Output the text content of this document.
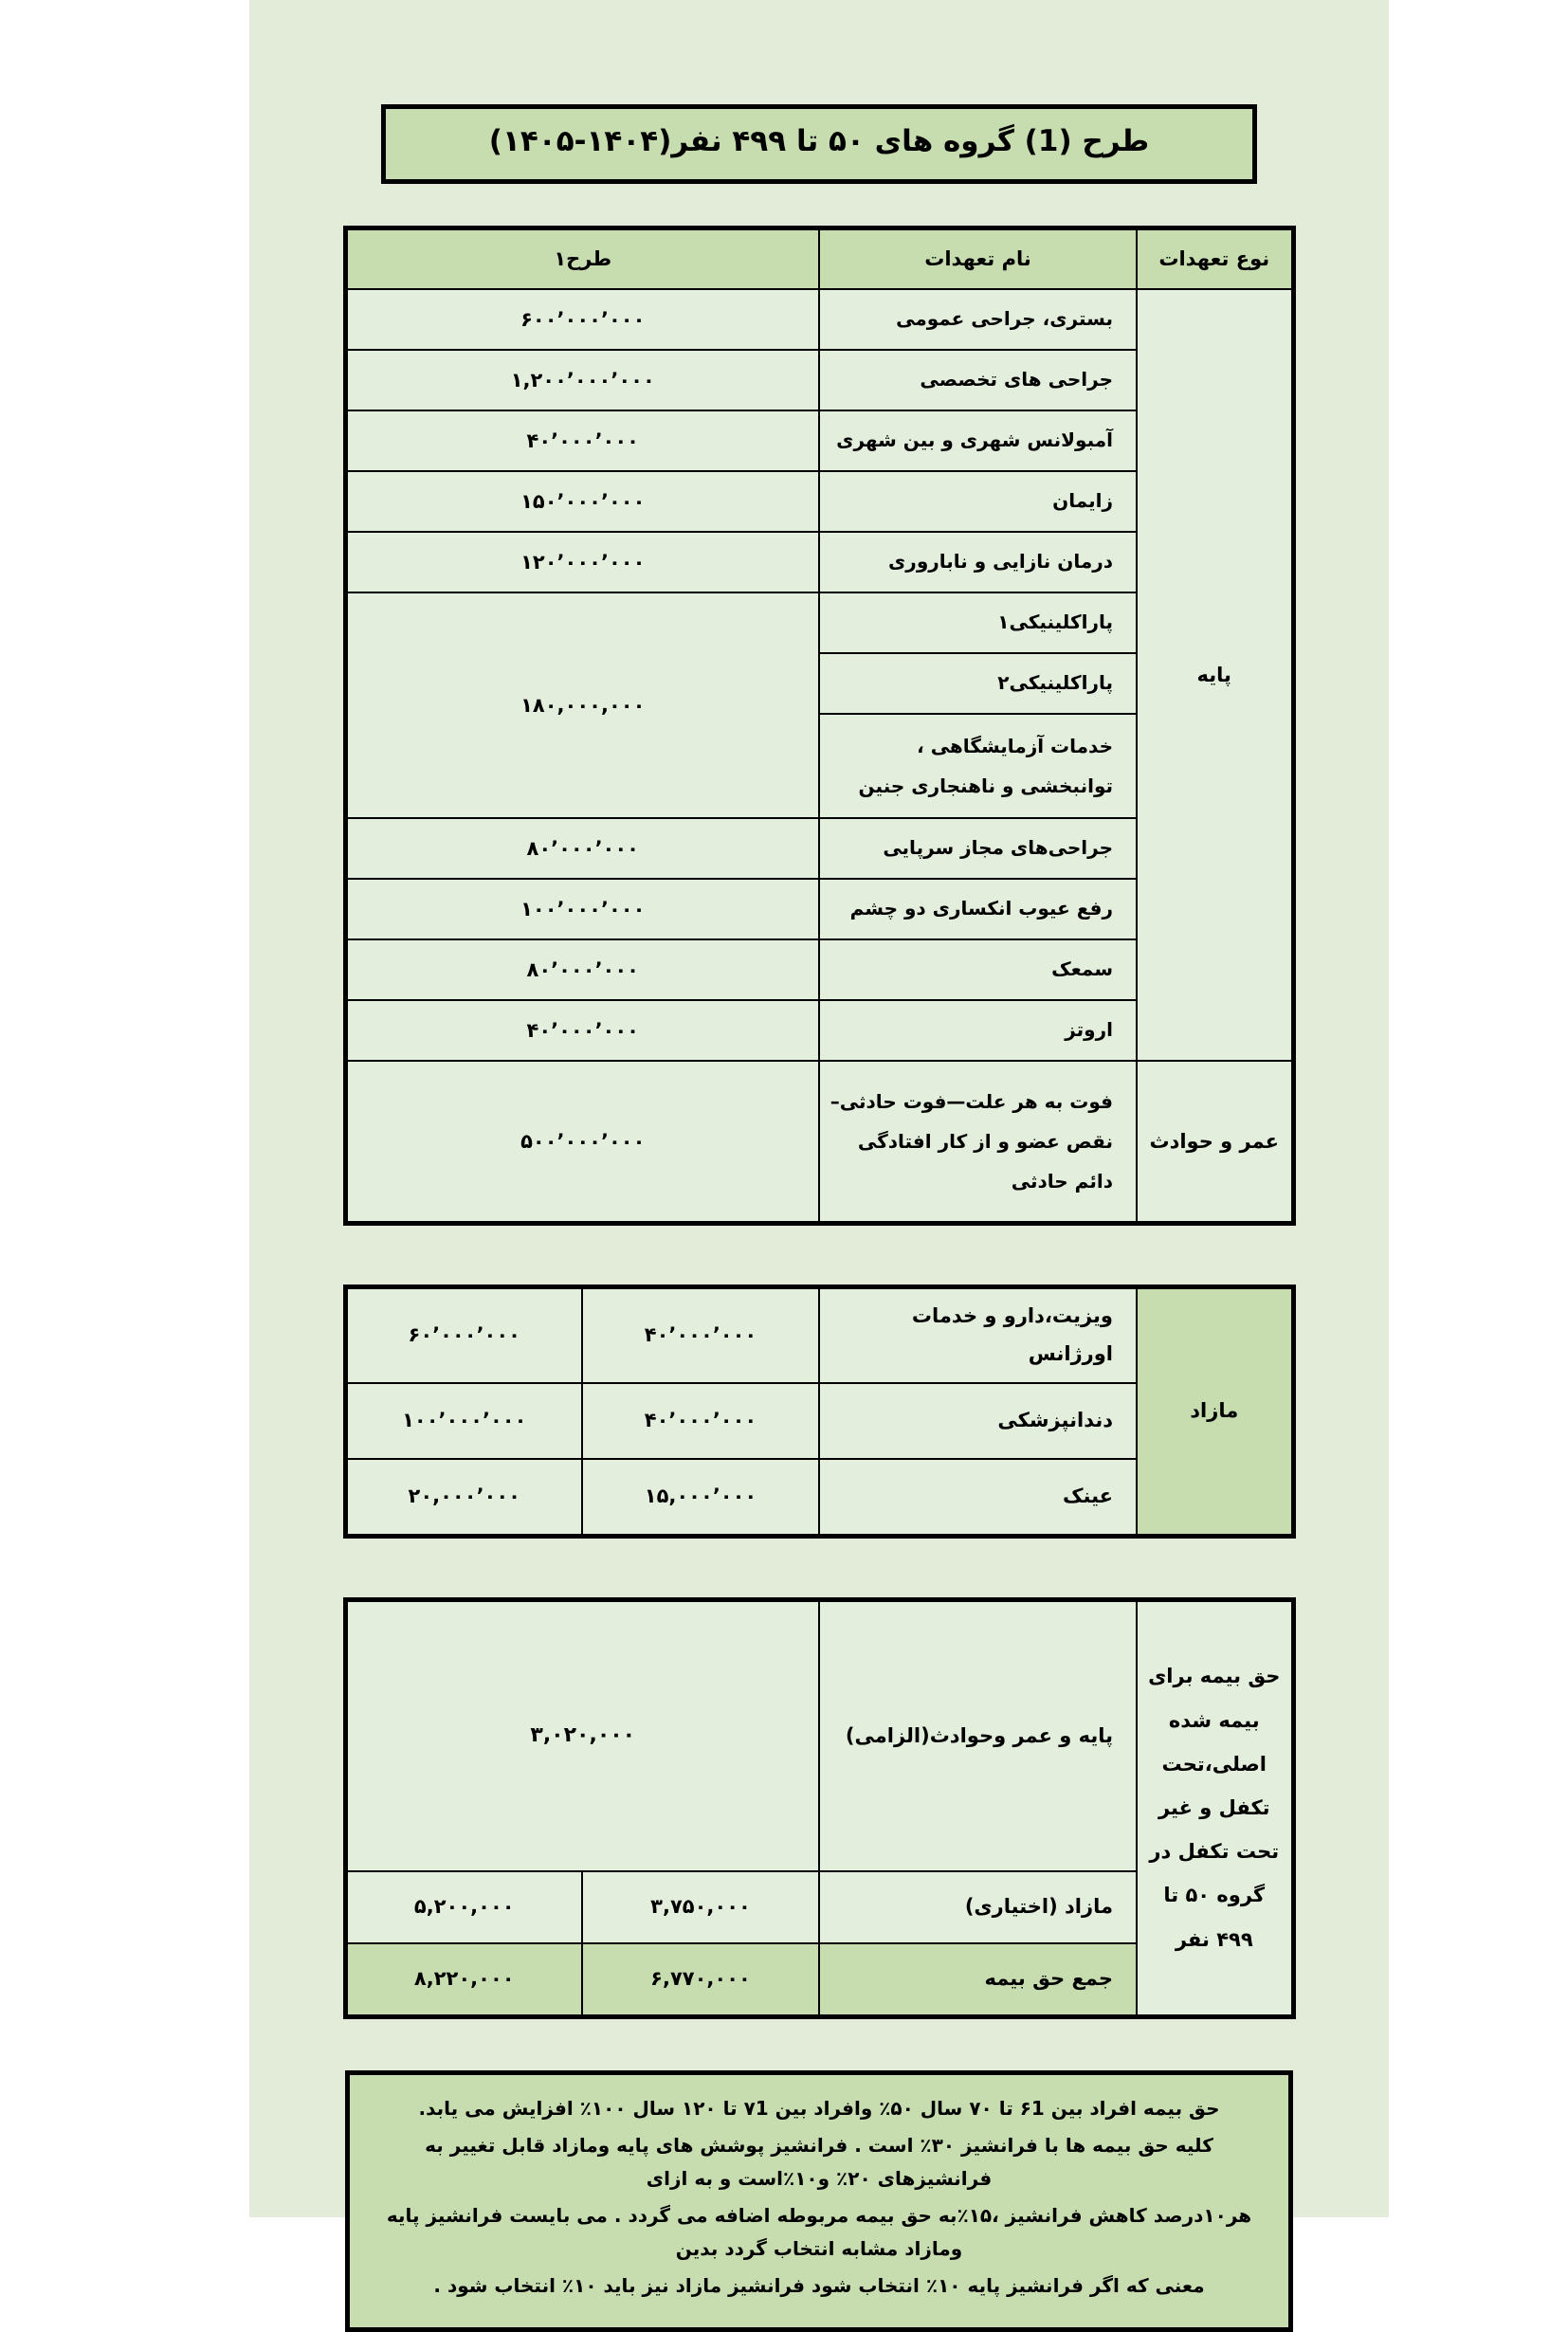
طرح (1) گروه های ۵۰ تا ۴۹۹ نفر(۱۴۰۴-۱۴۰۵)
نوع تعهدات	نام تعهدات	طرح۱
پایه	بستری، جراحی عمومی	۶۰۰٬۰۰۰٬۰۰۰
	جراحی های تخصصی	۱,۲۰۰٬۰۰۰٬۰۰۰
	آمبولانس شهری و بین شهری	۴۰٬۰۰۰٬۰۰۰
	زایمان	۱۵۰٬۰۰۰٬۰۰۰
	درمان نازایی و ناباروری	۱۲۰٬۰۰۰٬۰۰۰
	پاراکلینیکی۱	۱۸۰,۰۰۰,۰۰۰
	پاراکلینیکی۲	
	خدمات آزمایشگاهی ، توانبخشی و ناهنجاری جنین	
	جراحی‌های مجاز سرپایی	۸۰٬۰۰۰٬۰۰۰
	رفع عیوب انکساری دو چشم	۱۰۰٬۰۰۰٬۰۰۰
	سمعک	۸۰٬۰۰۰٬۰۰۰
	اروتز	۴۰٬۰۰۰٬۰۰۰
عمر و حوادث	فوت به هر علت—فوت حادثی–نقص عضو و از کار افتادگی دائم حادثی	۵۰۰٬۰۰۰٬۰۰۰
مازاد	ویزیت،دارو و خدمات اورژانس	۴۰٬۰۰۰٬۰۰۰	۶۰٬۰۰۰٬۰۰۰
	دندانپزشکی	۴۰٬۰۰۰٬۰۰۰	۱۰۰٬۰۰۰٬۰۰۰
	عینک	۱۵,۰۰۰٬۰۰۰	۲۰,۰۰۰٬۰۰۰
حق بیمه برای بیمه شده اصلی،تحت تکفل و غیر تحت تکفل در گروه ۵۰ تا ۴۹۹ نفر	پایه و عمر وحوادث(الزامی)	۳,۰۲۰,۰۰۰	
	مازاد (اختیاری)	۳,۷۵۰,۰۰۰	۵,۲۰۰,۰۰۰
	جمع حق بیمه	۶,۷۷۰,۰۰۰	۸,۲۲۰,۰۰۰

حق بیمه افراد بین ۶1 تا ۷۰ سال ۵۰٪ وافراد بین ۷1 تا ۱۲۰ سال ۱۰۰٪ افزایش می یابد.

کلیه حق بیمه ها با فرانشیز ۳۰٪ است . فرانشیز پوشش های پایه ومازاد قابل تغییر به فرانشیزهای ۲۰٪ و۱۰٪است و به ازای

هر۱۰درصد کاهش فرانشیز ،۱۵٪به حق بیمه مربوطه اضافه می گردد . می بایست فرانشیز پایه ومازاد مشابه انتخاب گردد بدین

معنی که اگر فرانشیز پایه ۱۰٪ انتخاب شود فرانشیز مازاد نیز باید ۱۰٪ انتخاب شود .
